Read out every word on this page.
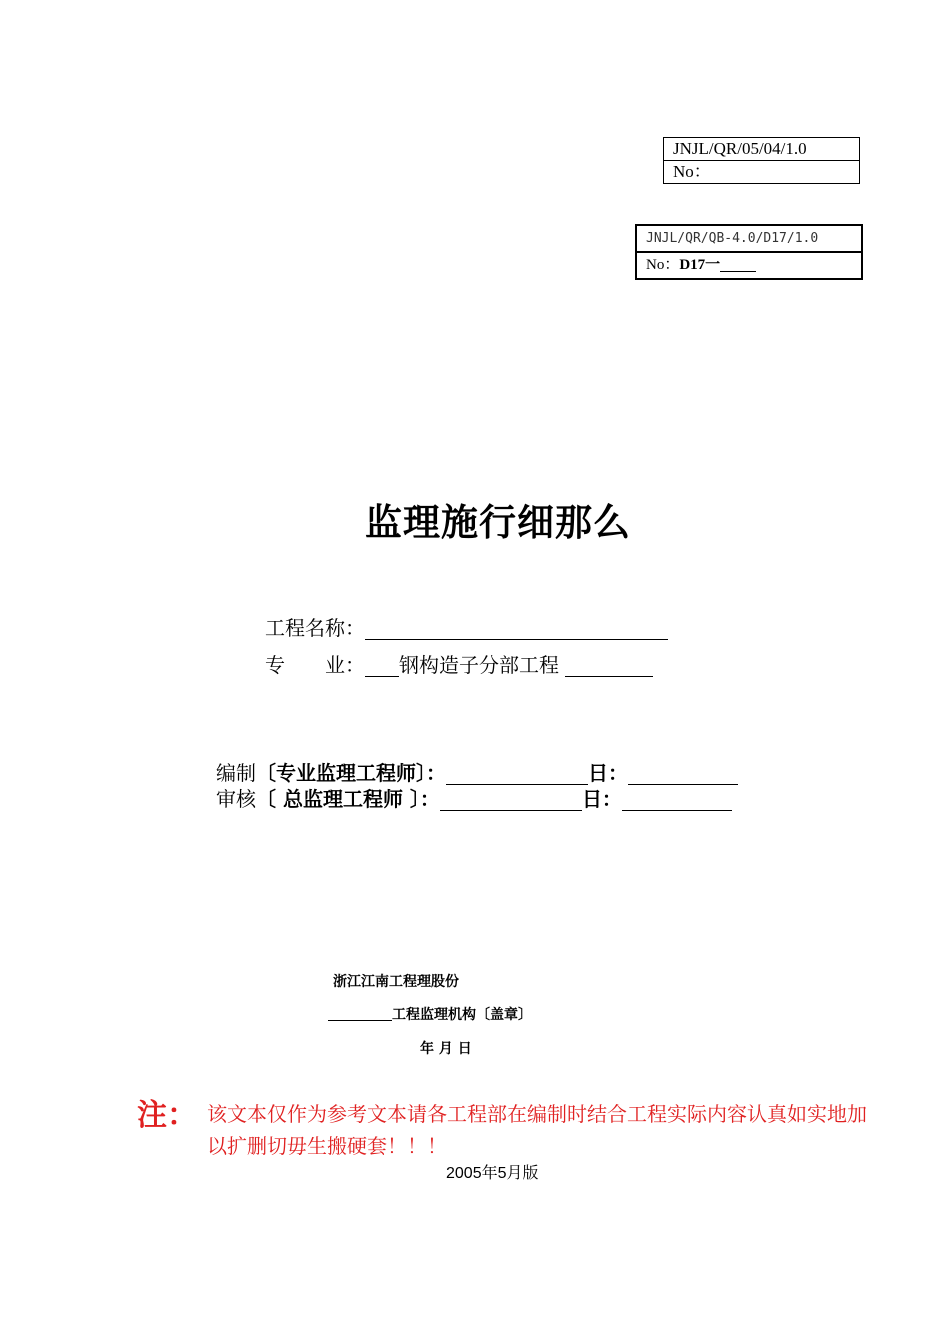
JNJL/QR/05/04/1.0
No：
JNJL/QR/QB-4.0/D17/1.0
No：D17一
监理施行细那么
工程名称：
专　　业： 钢构造子分部工程
编制〔专业监理工程师〕：	日：
审核〔 总监理工程师 〕：	日：
浙江江南工程理股份
工程监理机构〔盖章〕
年 月 日
注： 该文本仅作为参考文本请各工程部在编制时结合工程实际内容认真如实地加以扩删切毋生搬硬套！！！
2005年5月版
